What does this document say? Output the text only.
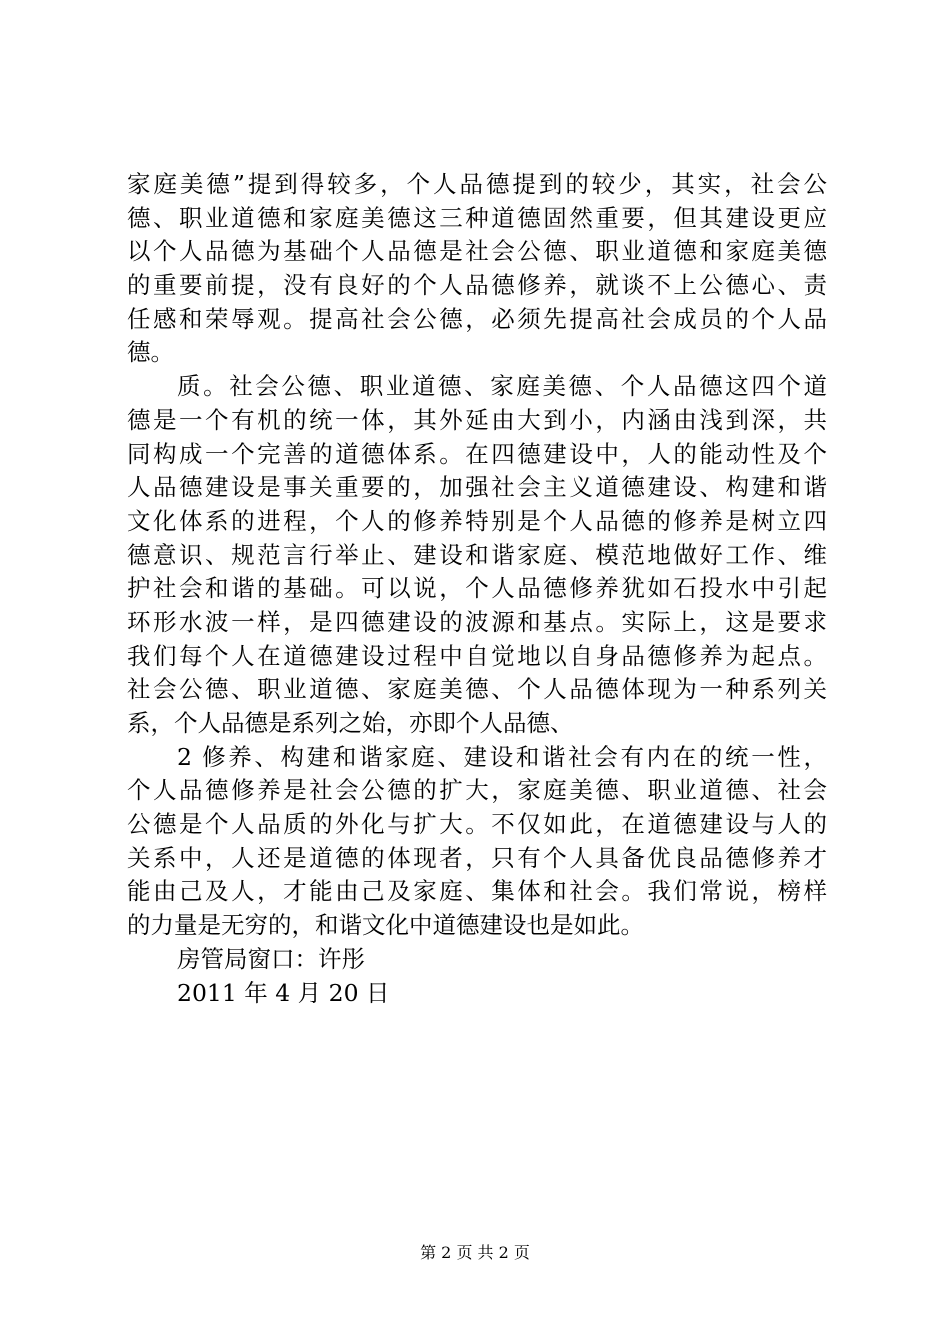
家庭美德”提到得较多，个人品德提到的较少，其实，社会公
德、职业道德和家庭美德这三种道德固然重要，但其建设更应
以个人品德为基础个人品德是社会公德、职业道德和家庭美德
的重要前提，没有良好的个人品德修养，就谈不上公德心、责
任感和荣辱观。提高社会公德，必须先提高社会成员的个人品
德。
质。社会公德、职业道德、家庭美德、个人品德这四个道
德是一个有机的统一体，其外延由大到小，内涵由浅到深，共
同构成一个完善的道德体系。在四德建设中，人的能动性及个
人品德建设是事关重要的，加强社会主义道德建设、构建和谐
文化体系的进程，个人的修养特别是个人品德的修养是树立四
德意识、规范言行举止、建设和谐家庭、模范地做好工作、维
护社会和谐的基础。可以说，个人品德修养犹如石投水中引起
环形水波一样，是四德建设的波源和基点。实际上，这是要求
我们每个人在道德建设过程中自觉地以自身品德修养为起点。
社会公德、职业道德、家庭美德、个人品德体现为一种系列关
系，个人品德是系列之始，亦即个人品德、
2 修养、构建和谐家庭、建设和谐社会有内在的统一性，
个人品德修养是社会公德的扩大，家庭美德、职业道德、社会
公德是个人品质的外化与扩大。不仅如此，在道德建设与人的
关系中，人还是道德的体现者，只有个人具备优良品德修养才
能由己及人，才能由己及家庭、集体和社会。我们常说，榜样
的力量是无穷的，和谐文化中道德建设也是如此。
房管局窗口：许彤
2011 年 4 月 20 日
第 2 页 共 2 页
